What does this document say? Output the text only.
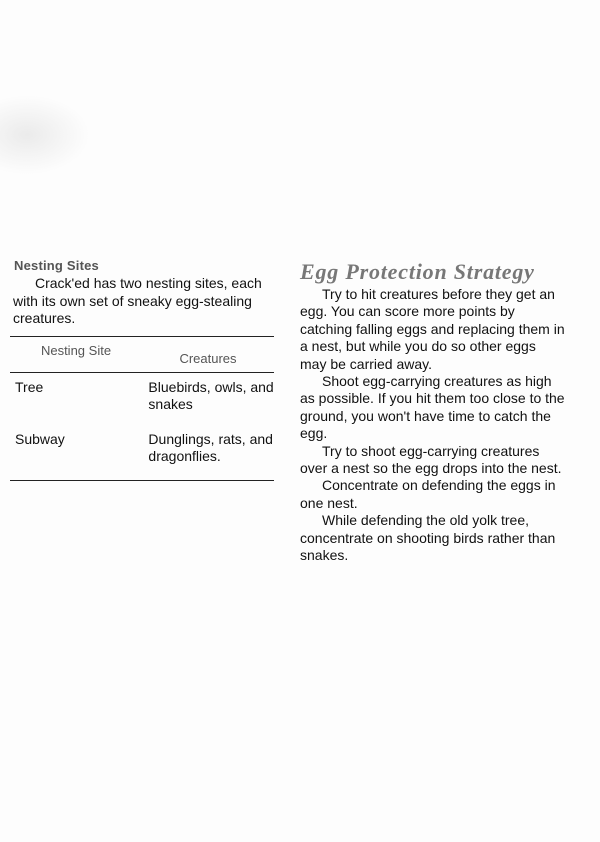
Nesting Sites

Crack'ed has two nesting sites, each with its own set of sneaky egg-stealing creatures.

Nesting Site
Creatures
Tree	Bluebirds, owls, and snakes
Subway	Dunglings, rats, and dragonflies.
Egg Protection Strategy

Try to hit creatures before they get an egg. You can score more points by catching falling eggs and replacing them in a nest, but while you do so other eggs may be carried away.

Shoot egg-carrying creatures as high as possible. If you hit them too close to the ground, you won't have time to catch the egg.

Try to shoot egg-carrying creatures over a nest so the egg drops into the nest.

Concentrate on defending the eggs in one nest.

While defending the old yolk tree, concentrate on shooting birds rather than snakes.
